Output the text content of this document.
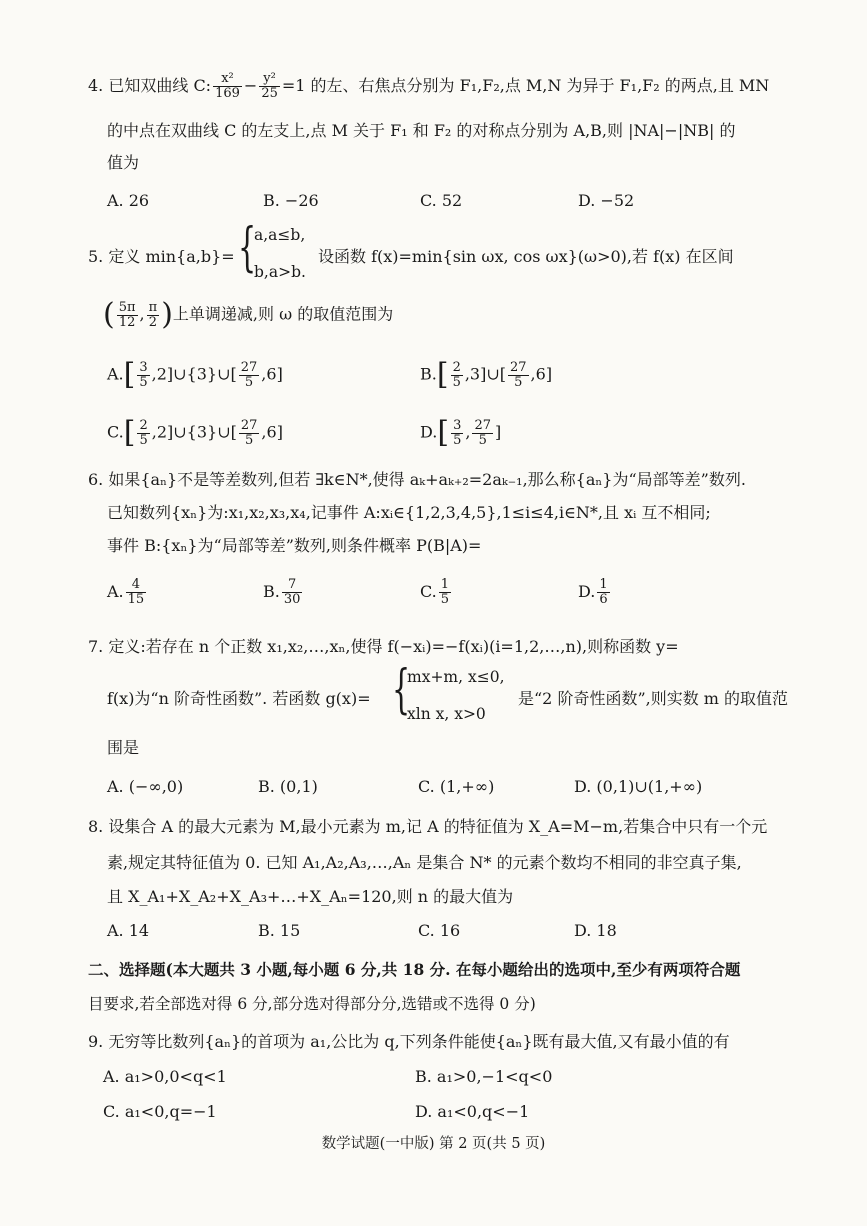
4. 已知双曲线 C: $\frac{\text{x²}}{169} - \frac{\text{y²}}{25} =1$ 的左、右焦点分别为 F₁,F₂,点 M,N 为异于 F₁,F₂ 的两点,且 MN
的中点在双曲线 C 的左支上,点 M 关于 F₁ 和 F₂ 的对称点分别为 A,B,则 |NA|−|NB| 的
值为
A. 26	B. −26	C. 52	D. −52
5. 定义 min{a,b}= {
a,a≤b,
b,a>b.
设函数 f(x)=min{sin ωx, cos ωx}(ω>0),若 f(x) 在区间
( $\frac{5\pi}{12}$ , $\frac{\pi}{2}$ )上单调递减,则 ω 的取值范围为
$A.[ \frac{3}{5}$ ,2]∪{3}∪[ $\frac{27}{5} ,6$]	$B.[ \frac{2}{5}$ ,3]∪[ $\frac{27}{5} ,6$]
$C.[ \frac{2}{5}$ ,2]∪{3}∪[ $\frac{27}{5} ,6$]	$D.[ \frac{3}{5}$ , $\frac{27}{5}$ ]
6. 如果{aₙ}不是等差数列,但若 ∃k∈N*,使得 aₖ+aₖ₊₂=2aₖ₋₁,那么称{aₙ}为“局部等差”数列.
已知数列{xₙ}为:x₁,x₂,x₃,x₄,记事件 A:xᵢ∈{1,2,3,4,5},1≤i≤4,i∈N*,且 xᵢ 互不相同;
事件 B:{xₙ}为“局部等差”数列,则条件概率 P(B|A)=
A. $\frac{4}{15}$	B. $\frac{7}{30}$	C. $\frac{1}{5}$	D. $\frac{1}{6}$
7. 定义:若存在 n 个正数 x₁,x₂,…,xₙ,使得 f(−xᵢ)=−f(xᵢ)(i=1,2,…,n),则称函数 y=
f(x)为“n 阶奇性函数”. 若函数 g(x)= {
mx+m, x≤0,
xln x, x>0
是“2 阶奇性函数”,则实数 m 的取值范
围是
A. (−∞,0)	B. (0,1)	C. (1,+∞)	D. (0,1)∪(1,+∞)
8. 设集合 A 的最大元素为 M,最小元素为 m,记 A 的特征值为 X_A=M−m,若集合中只有一个元
素,规定其特征值为 0. 已知 A₁,A₂,A₃,…,Aₙ 是集合 N* 的元素个数均不相同的非空真子集,
且 X_A₁+X_A₂+X_A₃+…+X_Aₙ=120,则 n 的最大值为
A. 14	B. 15	C. 16	D. 18
二、选择题(本大题共 3 小题,每小题 6 分,共 18 分. 在每小题给出的选项中,至少有两项符合题
目要求,若全部选对得 6 分,部分选对得部分分,选错或不选得 0 分)
9. 无穷等比数列{aₙ}的首项为 a₁,公比为 q,下列条件能使{aₙ}既有最大值,又有最小值的有
A. a₁>0,0<q<1	B. a₁>0,−1<q<0
C. a₁<0,q=−1	D. a₁<0,q<−1
数学试题(一中版) 第 2 页(共 5 页)
